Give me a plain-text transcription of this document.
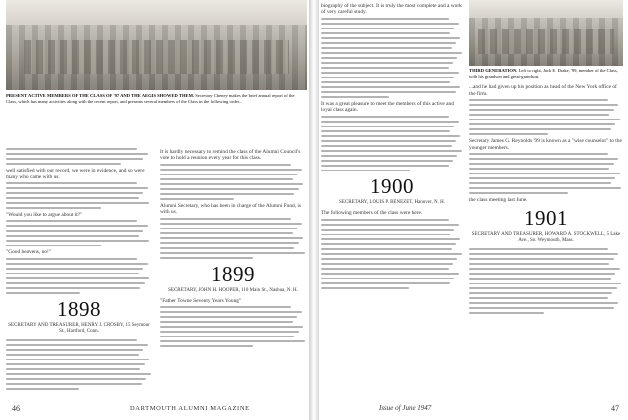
PRESENT ACTIVE MEMBERS OF THE CLASS OF '97 AND THE AEGIS SHOWED THEM. Secretary Cheney makes the brief annual report of the Class, which has many activities along with the recent report, and presents several members of the Class in the following order...
well satisfied with our record, we were in evidence, and so were many who came with us.
"Would you like to argue about it?"
"Good heavens, no!"
1898
SECRETARY AND TREASURER, HENRY J. CROSBY, 15 Seymour St., Hartford, Conn.
It is hardly necessary to remind the class of the Alumni Council's vote to hold a reunion every year for this class.
Alumni Secretary, who has been in charge of the Alumni Fund, is with us.
1899
SECRETARY, JOHN H. HOOPER, 110 Main St., Nashua, N. H.
"Father Towne Seventy Years Young"
46	DARTMOUTH ALUMNI MAGAZINE
biography of the subject. It is truly the most complete and a work of very careful study.
It was a great pleasure to meet the members of this active and loyal class again.
1900
SECRETARY, LOUIS P. BENEZET, Hanover, N. H.
The following members of the class were here.
THIRD GENERATION. Left to right, Jack E. Drake, '99, member of the Class, with his grandson and great-grandson.
...and he had given up his position as head of the New York office of the firm.
Secretary James G. Reynolds '99 is known as a "wise counselor" to the younger members.
the class meeting last June.
1901
SECRETARY AND TREASURER, HOWARD A. STOCKWELL, 5 Lake Ave., So. Weymouth, Mass.
Issue of June 1947	47
